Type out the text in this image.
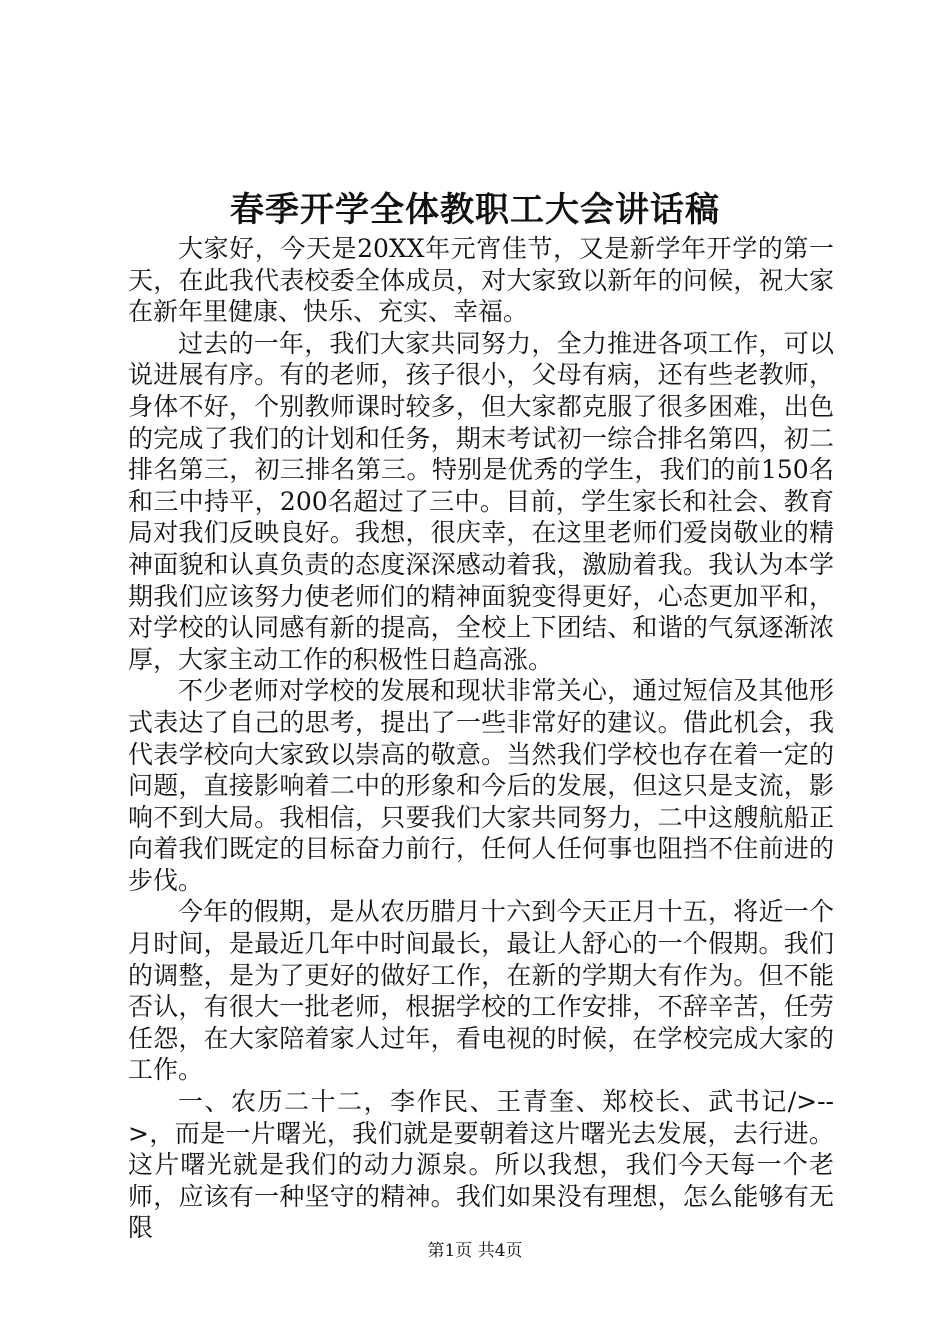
春季开学全体教职工大会讲话稿

大家好，今天是20XX年元宵佳节，又是新学年开学的第一天，在此我代表校委全体成员，对大家致以新年的问候，祝大家在新年里健康、快乐、充实、幸福。

过去的一年，我们大家共同努力，全力推进各项工作，可以说进展有序。有的老师，孩子很小，父母有病，还有些老教师，身体不好，个别教师课时较多，但大家都克服了很多困难，出色的完成了我们的计划和任务，期末考试初一综合排名第四，初二排名第三，初三排名第三。特别是优秀的学生，我们的前150名和三中持平，200名超过了三中。目前，学生家长和社会、教育局对我们反映良好。我想，很庆幸，在这里老师们爱岗敬业的精神面貌和认真负责的态度深深感动着我，激励着我。我认为本学期我们应该努力使老师们的精神面貌变得更好，心态更加平和，对学校的认同感有新的提高，全校上下团结、和谐的气氛逐渐浓厚，大家主动工作的积极性日趋高涨。

不少老师对学校的发展和现状非常关心，通过短信及其他形式表达了自己的思考，提出了一些非常好的建议。借此机会，我代表学校向大家致以崇高的敬意。当然我们学校也存在着一定的问题，直接影响着二中的形象和今后的发展，但这只是支流，影响不到大局。我相信，只要我们大家共同努力，二中这艘航船正向着我们既定的目标奋力前行，任何人任何事也阻挡不住前进的步伐。

今年的假期，是从农历腊月十六到今天正月十五，将近一个月时间，是最近几年中时间最长，最让人舒心的一个假期。我们的调整，是为了更好的做好工作，在新的学期大有作为。但不能否认，有很大一批老师，根据学校的工作安排，不辞辛苦，任劳任怨，在大家陪着家人过年，看电视的时候，在学校完成大家的工作。

一、农历二十二，李作民、王青奎、郑校长、武书记/>-->，而是一片曙光，我们就是要朝着这片曙光去发展，去行进。这片曙光就是我们的动力源泉。所以我想，我们今天每一个老师，应该有一种坚守的精神。我们如果没有理想，怎么能够有无限

第1页 共4页
